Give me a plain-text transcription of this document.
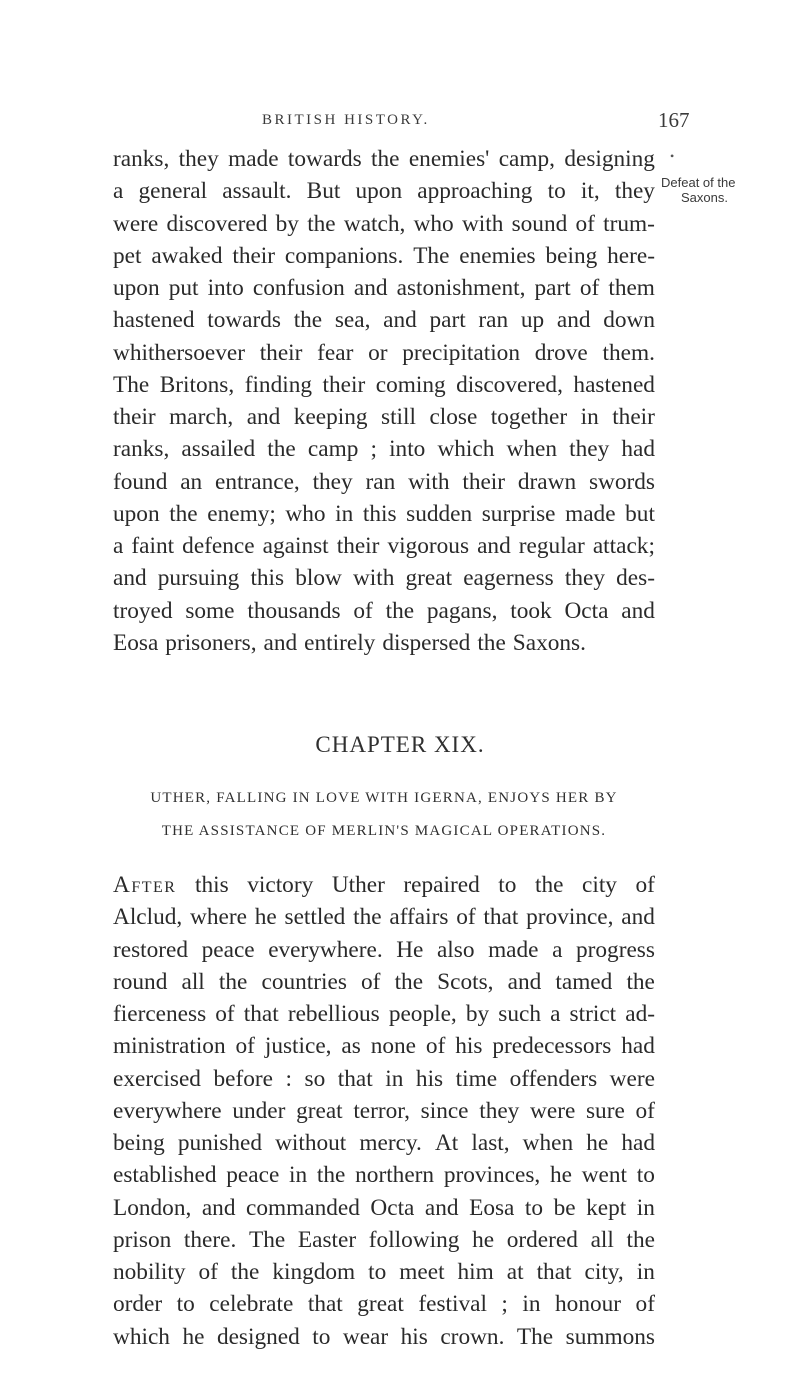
BRITISH HISTORY.	167
•
Defeat of the
Saxons.
ranks, they made towards the enemies' camp, designing
a general assault. But upon approaching to it, they
were discovered by the watch, who with sound of trum-
pet awaked their companions. The enemies being here-
upon put into confusion and astonishment, part of them
hastened towards the sea, and part ran up and down
whithersoever their fear or precipitation drove them.
The Britons, finding their coming discovered, hastened
their march, and keeping still close together in their
ranks, assailed the camp ; into which when they had
found an entrance, they ran with their drawn swords
upon the enemy; who in this sudden surprise made but
a faint defence against their vigorous and regular attack;
and pursuing this blow with great eagerness they des-
troyed some thousands of the pagans, took Octa and
Eosa prisoners, and entirely dispersed the Saxons.
CHAPTER XIX.
UTHER, FALLING IN LOVE WITH IGERNA, ENJOYS HER BY
THE ASSISTANCE OF MERLIN'S MAGICAL OPERATIONS.
After this victory Uther repaired to the city of
Alclud, where he settled the affairs of that province, and
restored peace everywhere. He also made a progress
round all the countries of the Scots, and tamed the
fierceness of that rebellious people, by such a strict ad-
ministration of justice, as none of his predecessors had
exercised before : so that in his time offenders were
everywhere under great terror, since they were sure of
being punished without mercy. At last, when he had
established peace in the northern provinces, he went to
London, and commanded Octa and Eosa to be kept in
prison there. The Easter following he ordered all the
nobility of the kingdom to meet him at that city, in
order to celebrate that great festival ; in honour of
which he designed to wear his crown. The summons
